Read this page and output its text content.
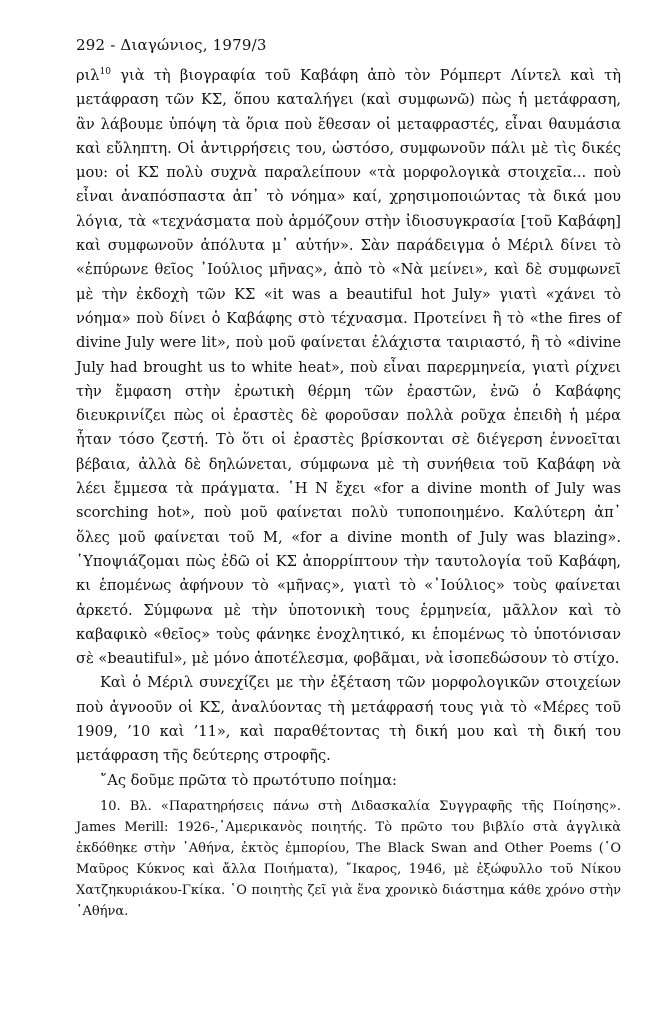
292 - Διαγώνιος, 1979/3

ριλ$^{10}$ γιὰ τὴ βιογραφία τοῦ Καβάφη ἀπὸ τὸν Ρόμπερτ Λίντελ καὶ τὴ μετάφραση τῶν ΚΣ, ὅπου καταλήγει (καὶ συμφωνῶ) πὼς ἡ μετάφραση, ἂν λάβουμε ὑπόψη τὰ ὅρια ποὺ ἔθεσαν οἱ μεταφραστές, εἶναι θαυμάσια καὶ εὔληπτη. Οἱ ἀντιρρήσεις του, ὡστόσο, συμφωνοῦν πάλι μὲ τὶς δικές μου: οἱ ΚΣ πολὺ συχνὰ παραλείπουν «τὰ μορφολογικὰ στοιχεῖα... ποὺ εἶναι ἀναπόσπαστα ἀπ᾿ τὸ νόημα» καί, χρησιμοποιώντας τὰ δικά μου λόγια, τὰ «τεχνάσματα ποὺ ἁρμόζουν στὴν ἰδιοσυγκρασία [τοῦ Καβάφη] καὶ συμφωνοῦν ἀπόλυτα μ᾿ αὐτήν». Σὰν παράδειγμα ὁ Μέριλ δίνει τὸ «ἐπύρωνε θεῖος ᾿Ιούλιος μῆνας», ἀπὸ τὸ «Νὰ μείνει», καὶ δὲ συμφωνεῖ μὲ τὴν ἐκδοχὴ τῶν ΚΣ «it was a beautiful hot July» γιατὶ «χάνει τὸ νόημα» ποὺ δίνει ὁ Καβάφης στὸ τέχνασμα. Προτείνει ἢ τὸ «the fires of divine July were lit», ποὺ μοῦ φαίνεται ἐλάχιστα ταιριαστό, ἢ τὸ «divine July had brought us to white heat», ποὺ εἶναι παρερμηνεία, γιατὶ ρίχνει τὴν ἔμφαση στὴν ἐρωτικὴ θέρμη τῶν ἐραστῶν, ἐνῶ ὁ Καβάφης διευκρινίζει πὼς οἱ ἐραστὲς δὲ φοροῦσαν πολλὰ ροῦχα ἐπειδὴ ἡ μέρα ἦταν τόσο ζεστή. Τὸ ὅτι οἱ ἐραστὲς βρίσκονται σὲ διέγερση ἐννοεῖται βέβαια, ἀλλὰ δὲ δηλώνεται, σύμφωνα μὲ τὴ συνήθεια τοῦ Καβάφη νὰ λέει ἔμμεσα τὰ πράγματα. ῾Η Ν ἔχει «for a divine month of July was scorching hot», ποὺ μοῦ φαίνεται πολὺ τυποποιημένο. Καλύτερη ἀπ᾿ ὅλες μοῦ φαίνεται τοῦ Μ, «for a divine month of July was blazing». ῾Υποψιάζομαι πὼς ἐδῶ οἱ ΚΣ ἀπορρίπτουν τὴν ταυτολογία τοῦ Καβάφη, κι ἑπομένως ἀφήνουν τὸ «μῆνας», γιατὶ τὸ «᾿Ιούλιος» τοὺς φαίνεται ἀρκετό. Σύμφωνα μὲ τὴν ὑποτονικὴ τους ἑρμηνεία, μᾶλλον καὶ τὸ καβαφικὸ «θεῖος» τοὺς φάνηκε ἐνοχλητικό, κι ἑπομένως τὸ ὑποτόνισαν σὲ «beautiful», μὲ μόνο ἀποτέλεσμα, φοβᾶμαι, νὰ ἰσοπεδώσουν τὸ στίχο.

Καὶ ὁ Μέριλ συνεχίζει με τὴν ἐξέταση τῶν μορφολογικῶν στοιχείων ποὺ ἀγνοοῦν οἱ ΚΣ, ἀναλύοντας τὴ μετάφρασή τους γιὰ τὸ «Μέρες τοῦ 1909, ’10 καὶ ’11», καὶ παραθέτοντας τὴ δική μου καὶ τὴ δική του μετάφραση τῆς δεύτερης στροφῆς.

῎Ας δοῦμε πρῶτα τὸ πρωτότυπο ποίημα:

10. Βλ. «Παρατηρήσεις πάνω στὴ Διδασκαλία Συγγραφῆς τῆς Ποίησης». James Merill: 1926-,᾿Αμερικανὸς ποιητής. Τὸ πρῶτο του βιβλίο στὰ ἀγγλικὰ ἐκδόθηκε στὴν ᾿Αθήνα, ἐκτὸς ἐμπορίου, The Black Swan and Other Poems (῾Ο Μαῦρος Κύκνος καὶ ἄλλα Ποιήματα), ῎Ικαρος, 1946, μὲ ἐξώφυλλο τοῦ Νίκου Χατζηκυριάκου-Γκίκα. ῾Ο ποιητὴς ζεῖ γιὰ ἕνα χρονικὸ διάστημα κάθε χρόνο στὴν ᾿Αθήνα.
